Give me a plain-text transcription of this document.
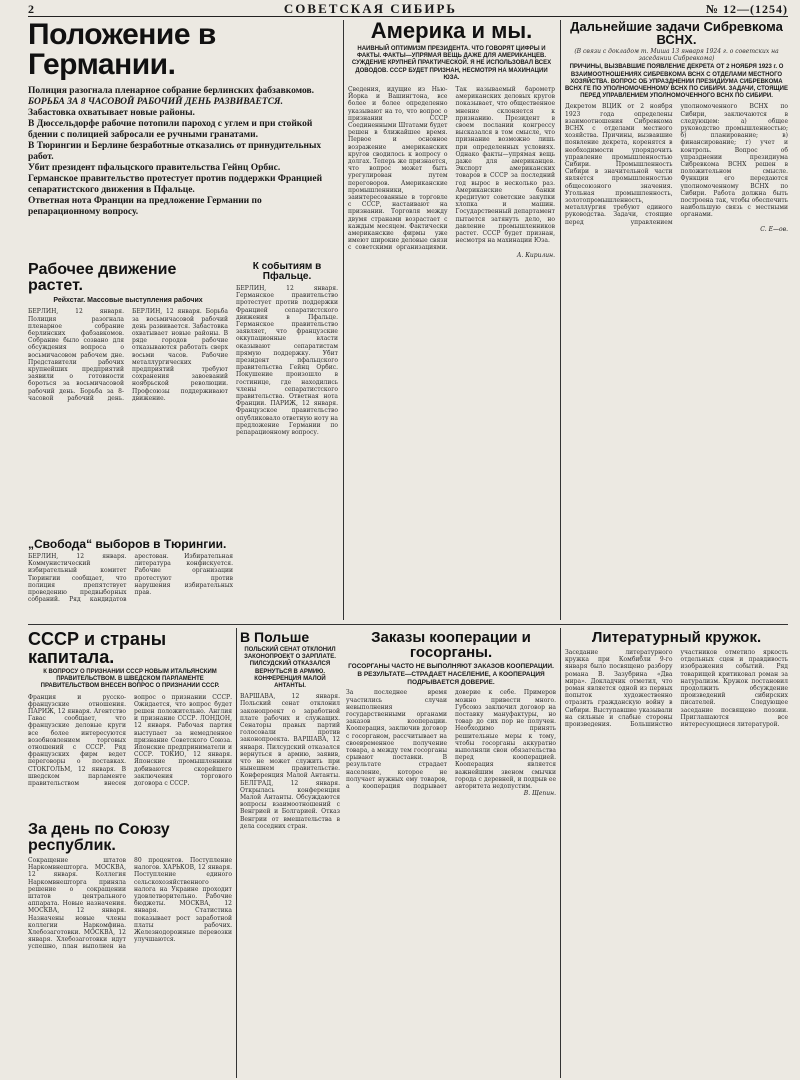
2	СОВЕТСКАЯ СИБИРЬ	№ 12—(1254)
Положение в Германии.
Полиция разогнала пленарное собрание берлинских фабзавкомов.
БОРЬБА ЗА 8 ЧАСОВОЙ РАБОЧИЙ ДЕНЬ РАЗВИВАЕТСЯ.
Забастовка охватывает новые районы.
В Дюссельдорфе рабочие потопили пароход с углем и при стойкой бдении с полицией забросали ее ручными гранатами.
В Тюрингии и Берлине безработные отказались от принудительных работ.
Убит президент пфальцского правительства Гейнц Орбис.
Германское правительство протестует против поддержки Францией сепаратистского движения в Пфальце.
Ответная нота Франции на предложение Германии по репарационному вопросу.
Рабочее движение растет.
Рейхстаг. Массовые выступления рабочих
БЕРЛИН, 12 января. Полиция разогнала пленарное собрание берлинских фабзавкомов. Собрание было созвано для обсуждения вопроса о восьмичасовом рабочем дне. Представители рабочих крупнейших предприятий заявили о готовности бороться за восьмичасовой рабочий день. Борьба за 8-часовой рабочий день. БЕРЛИН, 12 января. Борьба за восьмичасовой рабочий день развивается. Забастовка охватывает новые районы. В ряде городов рабочие отказываются работать сверх восьми часов. Рабочие металлургических предприятий требуют сохранения завоеваний ноябрьской революции. Профсоюзы поддерживают движение.
К событиям в Пфальце.
БЕРЛИН, 12 января. Германское правительство протестует против поддержки Францией сепаратистского движения в Пфальце. Германское правительство заявляет, что французские оккупационные власти оказывают сепаратистам прямую поддержку. Убит президент пфальцского правительства Гейнц Орбис. Покушение произошло в гостинице, где находились члены сепаратистского правительства. Ответная нота Франции. ПАРИЖ, 12 января. Французское правительство опубликовало ответную ноту на предложение Германии по репарационному вопросу.
„Свобода“ выборов в Тюрингии.
БЕРЛИН, 12 января. Коммунистический избирательный комитет Тюрингии сообщает, что полиция препятствует проведению предвыборных собраний. Ряд кандидатов арестован. Избирательная литература конфискуется. Рабочие организации протестуют против нарушения избирательных прав.
Америка и мы.
НАИВНЫЙ ОПТИМИЗМ ПРЕЗИДЕНТА. ЧТО ГОВОРЯТ ЦИФРЫ И ФАКТЫ. ФАКТЫ—УПРЯМАЯ ВЕЩЬ ДАЖЕ ДЛЯ АМЕРИКАНЦЕВ. СУЖДЕНИЕ КРУПНЕЙ ПРАКТИЧЕСКОЙ. Я НЕ ИСПОЛЬЗОВАЛ ВСЕХ ДОВОДОВ. СССР БУДЕТ ПРИЗНАН, НЕСМОТРЯ НА МАХИНАЦИИ ЮЗА.
Сведения, идущие из Нью-Йорка и Вашингтона, все более и более определенно указывают на то, что вопрос о признании СССР Соединенными Штатами будет решен в ближайшее время. Первое и основное возражение американских кругов сводилось к вопросу о долгах. Теперь же признается, что вопрос может быть урегулирован путем переговоров. Американские промышленники, заинтересованные в торговле с СССР, настаивают на признании. Торговля между двумя странами возрастает с каждым месяцем. Фактически американские фирмы уже имеют широкие деловые связи с советскими организациями. Так называемый барометр американских деловых кругов показывает, что общественное мнение склоняется к признанию. Президент в своем послании конгрессу высказался в том смысле, что признание возможно лишь при определенных условиях. Однако факты—упрямая вещь даже для американцев. Экспорт американских товаров в СССР за последний год вырос в несколько раз. Американские банки кредитуют советские закупки хлопка и машин. Государственный департамент пытается затянуть дело, но давление промышленников растет. СССР будет признан, несмотря на махинации Юза.
А. Кирилин.
Дальнейшие задачи Сибревкома ВСНХ.
(В связи с докладом т. Миша 13 января 1924 г. о советских на заседании Сибревкома)
ПРИЧИНЫ, ВЫЗВАВШИЕ ПОЯВЛЕНИЕ ДЕКРЕТА ОТ 2 НОЯБРЯ 1923 г. О ВЗАИМООТНОШЕНИЯХ СИБРЕВКОМА ВСНХ С ОТДЕЛАМИ МЕСТНОГО ХОЗЯЙСТВА. ВОПРОС ОБ УПРАЗДНЕНИИ ПРЕЗИДИУМА СИБРЕВКОМА ВСНХ ГЕ ПО УПОЛНОМОЧЕННОМУ ВСНХ ПО СИБИРИ. ЗАДАЧИ, СТОЯЩИЕ ПЕРЕД УПРАВЛЕНИЕМ УПОЛНОМОЧЕННОГО ВСНХ ПО СИБИРИ.
Декретом ВЦИК от 2 ноября 1923 года определены взаимоотношения Сибревкома ВСНХ с отделами местного хозяйства. Причины, вызвавшие появление декрета, коренятся в необходимости упорядочить управление промышленностью Сибири. Промышленность Сибири в значительной части является промышленностью общесоюзного значения. Угольная промышленность, золотопромышленность, металлургия требуют единого руководства. Задачи, стоящие перед управлением уполномоченного ВСНХ по Сибири, заключаются в следующем: а) общее руководство промышленностью; б) планирование; в) финансирование; г) учет и контроль. Вопрос об упразднении президиума Сибревкома ВСНХ решен в положительном смысле. Функции его передаются уполномоченному ВСНХ по Сибири. Работа должна быть построена так, чтобы обеспечить наибольшую связь с местными органами.
С. Е—ов.
СССР и страны капитала.
К ВОПРОСУ О ПРИЗНАНИИ СССР НОВЫМ ИТАЛЬЯНСКИМ ПРАВИТЕЛЬСТВОМ. В ШВЕДСКОМ ПАРЛАМЕНТЕ ПРАВИТЕЛЬСТВОМ ВНЕСЕН ВОПРОС О ПРИЗНАНИИ СССР.
Франция и русско-французские отношения. ПАРИЖ, 12 января. Агентство Гавас сообщает, что французские деловые круги все более интересуются возобновлением торговых отношений с СССР. Ряд французских фирм ведет переговоры о поставках. СТОКГОЛЬМ, 12 января. В шведском парламенте правительством внесен вопрос о признании СССР. Ожидается, что вопрос будет решен положительно. Англия и признание СССР. ЛОНДОН, 12 января. Рабочая партия выступает за немедленное признание Советского Союза. Японские предприниматели и СССР. ТОКИО, 12 января. Японские промышленники добиваются скорейшего заключения торгового договора с СССР.
За день по Союзу республик.
Сокращение штатов Наркомвнешторга. МОСКВА, 12 января. Коллегия Наркомвнешторга приняла решение о сокращении штатов центрального аппарата. Новые назначения. МОСКВА, 12 января. Назначены новые члены коллегии Наркомфина. Хлебозаготовки. МОСКВА, 12 января. Хлебозаготовки идут успешно, план выполнен на 80 процентов. Поступление налогов. ХАРЬКОВ, 12 января. Поступление единого сельскохозяйственного налога на Украине проходит удовлетворительно. Рабочие бюджеты. МОСКВА, 12 января. Статистика показывает рост заработной платы рабочих. Железнодорожные перевозки улучшаются.
В Польше
ПОЛЬСКИЙ СЕНАТ ОТКЛОНИЛ ЗАКОНОПРОЕКТ О ЗАРПЛАТЕ. ПИЛСУДСКИЙ ОТКАЗАЛСЯ ВЕРНУТЬСЯ В АРМИЮ. КОНФЕРЕНЦИЯ МАЛОЙ АНТАНТЫ.
ВАРШАВА, 12 января. Польский сенат отклонил законопроект о заработной плате рабочих и служащих. Сенаторы правых партий голосовали против законопроекта. ВАРШАВА, 12 января. Пилсудский отказался вернуться в армию, заявив, что не может служить при нынешнем правительстве. Конференция Малой Антанты. БЕЛГРАД, 12 января. Открылась конференция Малой Антанты. Обсуждаются вопросы взаимоотношений с Венгрией и Болгарией. Отказ Венгрии от вмешательства в дела соседних стран.
Заказы кооперации и госорганы.
ГОСОРГАНЫ ЧАСТО НЕ ВЫПОЛНЯЮТ ЗАКАЗОВ КООПЕРАЦИИ. В РЕЗУЛЬТАТЕ—СТРАДАЕТ НАСЕЛЕНИЕ, А КООПЕРАЦИЯ ПОДРЫВАЕТСЯ ДОВЕРИЕ.
За последнее время участились случаи невыполнения государственными органами заказов кооперации. Кооперация, заключив договор с госорганом, рассчитывает на своевременное получение товара, а между тем госорганы срывают поставки. В результате страдает население, которое не получает нужных ему товаров, а кооперация подрывает доверие к себе. Примеров можно привести много. Губсоюз заключил договор на поставку мануфактуры, но товар до сих пор не получен. Необходимо принять решительные меры к тому, чтобы госорганы аккуратно выполняли свои обязательства перед кооперацией. Кооперация является важнейшим звеном смычки города с деревней, и подрыв ее авторитета недопустим.
В. Щепин.
Литературный кружок.
Заседание литературного кружка при Комбибли 9-го января было посвящено разбору романа В. Зазубрина «Два мира». Докладчик отметил, что роман является одной из первых попыток художественно отразить гражданскую войну в Сибири. Выступавшие указывали на сильные и слабые стороны произведения. Большинство участников отметило яркость отдельных сцен и правдивость изображения событий. Ряд товарищей критиковал роман за натурализм. Кружок постановил продолжить обсуждение произведений сибирских писателей. Следующее заседание посвящено поэзии. Приглашаются все интересующиеся литературой.
